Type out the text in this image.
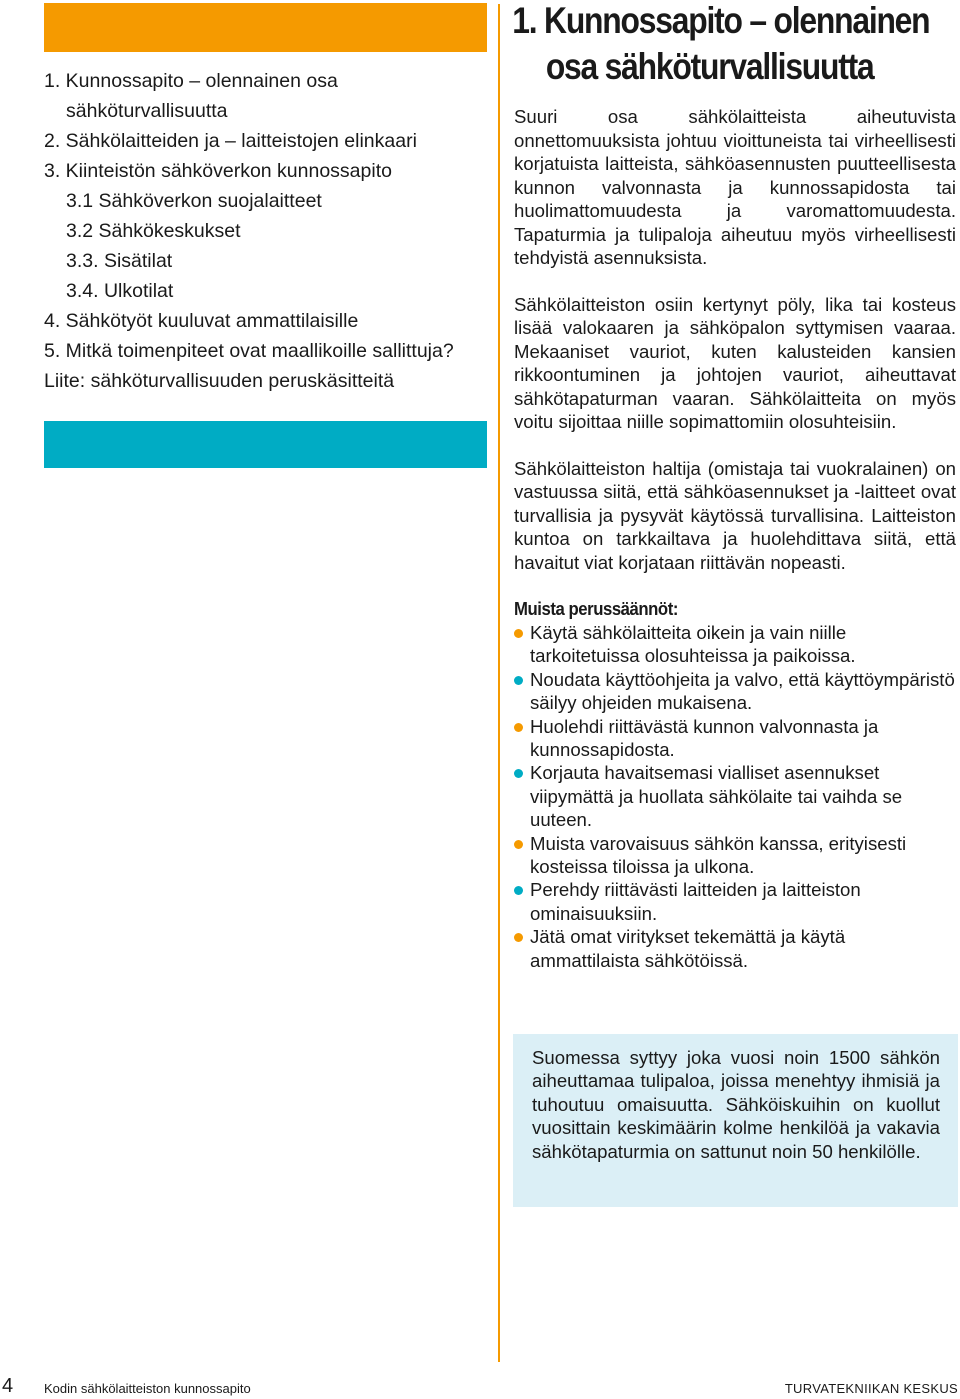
1. Kunnossapito – olennainen osa
sähköturvallisuutta
2. Sähkölaitteiden ja – laitteistojen elinkaari
3. Kiinteistön sähköverkon kunnossapito
3.1 Sähköverkon suojalaitteet
3.2 Sähkökeskukset
3.3. Sisätilat
3.4. Ulkotilat
4. Sähkötyöt kuuluvat ammattilaisille
5. Mitkä toimenpiteet ovat maallikoille sallittuja?
Liite: sähköturvallisuuden peruskäsitteitä
1. Kunnossapito – olennainen
osa sähköturvallisuutta

Suuri osa sähkölaitteista aiheutuvista onnettomuuksista johtuu vioittuneista tai virheellisesti korjatuista laitteista, sähköasennusten puutteellisesta kunnon valvonnasta ja kunnossapidosta tai huolimattomuudesta ja varomattomuudesta. Tapaturmia ja tulipaloja aiheutuu myös virheellisesti tehdyistä asennuksista.

Sähkölaitteiston osiin kertynyt pöly, lika tai kosteus lisää valokaaren ja sähköpalon syttymisen vaaraa. Mekaaniset vauriot, kuten kalusteiden kansien rikkoontuminen ja johtojen vauriot, aiheuttavat sähkötapaturman vaaran. Sähkölaitteita on myös voitu sijoittaa niille sopimattomiin olosuhteisiin.

Sähkölaitteiston haltija (omistaja tai vuokralainen) on vastuussa siitä, että sähköasennukset ja -laitteet ovat turvallisia ja pysyvät käytössä turvallisina. Laitteiston kuntoa on tarkkailtava ja huolehdittava siitä, että havaitut viat korjataan riittävän nopeasti.

Muista perussäännöt:
Käytä sähkölaitteita oikein ja vain niille tarkoitetuissa olosuhteissa ja paikoissa.
Noudata käyttöohjeita ja valvo, että käyttöympäristö säilyy ohjeiden mukaisena.
Huolehdi riittävästä kunnon valvonnasta ja kunnossapidosta.
Korjauta havaitsemasi vialliset asennukset viipymättä ja huollata sähkölaite tai vaihda se uuteen.
Muista varovaisuus sähkön kanssa, erityisesti kosteissa tiloissa ja ulkona.
Perehdy riittävästi laitteiden ja laitteiston ominaisuuksiin.
Jätä omat viritykset tekemättä ja käytä ammattilaista sähkötöissä.

Suomessa syttyy joka vuosi noin 1500 sähkön aiheuttamaa tulipaloa, joissa menehtyy ihmisiä ja tuhoutuu omaisuutta. Sähköiskuihin on kuollut vuosittain keskimäärin kolme henkilöä ja vakavia sähkötapaturmia on sattunut noin 50 henkilölle.

4 Kodin sähkölaitteiston kunnossapito	TURVATEKNIIKAN KESKUS
